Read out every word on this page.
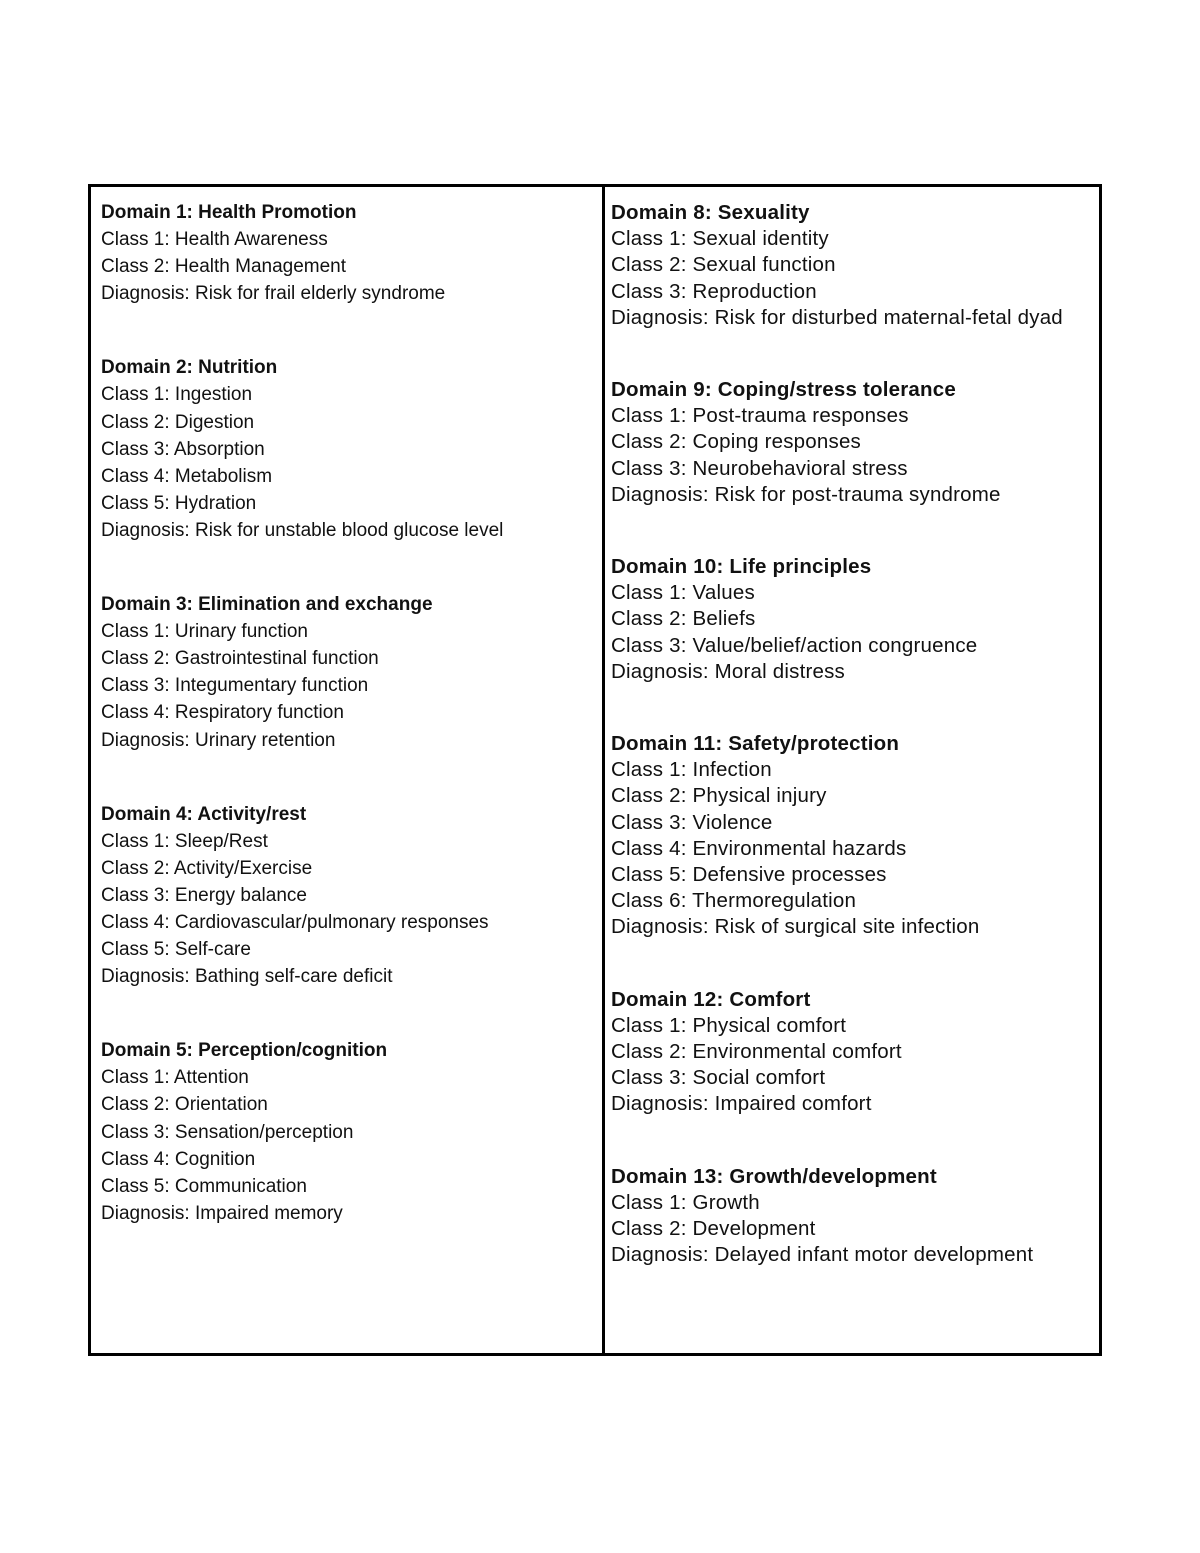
Domain 1: Health Promotion
Class 1: Health Awareness
Class 2: Health Management
Diagnosis: Risk for frail elderly syndrome
Domain 2: Nutrition
Class 1: Ingestion
Class 2: Digestion
Class 3: Absorption
Class 4: Metabolism
Class 5: Hydration
Diagnosis: Risk for unstable blood glucose level
Domain 3: Elimination and exchange
Class 1: Urinary function
Class 2: Gastrointestinal function
Class 3: Integumentary function
Class 4: Respiratory function
Diagnosis: Urinary retention
Domain 4: Activity/rest
Class 1: Sleep/Rest
Class 2: Activity/Exercise
Class 3: Energy balance
Class 4: Cardiovascular/pulmonary responses
Class 5: Self-care
Diagnosis: Bathing self-care deficit
Domain 5: Perception/cognition
Class 1: Attention
Class 2: Orientation
Class 3: Sensation/perception
Class 4: Cognition
Class 5: Communication
Diagnosis: Impaired memory
Domain 8: Sexuality
Class 1: Sexual identity
Class 2: Sexual function
Class 3: Reproduction
Diagnosis: Risk for disturbed maternal-fetal dyad
Domain 9: Coping/stress tolerance
Class 1: Post-trauma responses
Class 2: Coping responses
Class 3: Neurobehavioral stress
Diagnosis: Risk for post-trauma syndrome
Domain 10: Life principles
Class 1: Values
Class 2: Beliefs
Class 3: Value/belief/action congruence
Diagnosis: Moral distress
Domain 11: Safety/protection
Class 1: Infection
Class 2: Physical injury
Class 3: Violence
Class 4: Environmental hazards
Class 5: Defensive processes
Class 6: Thermoregulation
Diagnosis: Risk of surgical site infection
Domain 12: Comfort
Class 1: Physical comfort
Class 2: Environmental comfort
Class 3: Social comfort
Diagnosis: Impaired comfort
Domain 13: Growth/development
Class 1: Growth
Class 2: Development
Diagnosis: Delayed infant motor development
